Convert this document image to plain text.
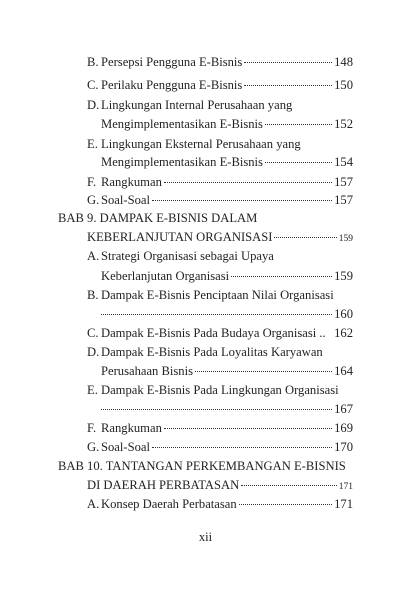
B. Persepsi Pengguna E-Bisnis	148
C. Perilaku Pengguna E-Bisnis	150
D. Lingkungan Internal Perusahaan yang
Mengimplementasikan E-Bisnis	152
E. Lingkungan Eksternal Perusahaan yang
Mengimplementasikan E-Bisnis	154
F. Rangkuman	157
G. Soal-Soal	157
BAB 9. DAMPAK E-BISNIS DALAM
KEBERLANJUTAN ORGANISASI	159
A. Strategi Organisasi sebagai Upaya
Keberlanjutan Organisasi	159
B. Dampak E-Bisnis Penciptaan Nilai Organisasi
160
C. Dampak E-Bisnis Pada Budaya Organisasi .. 162
D. Dampak E-Bisnis Pada Loyalitas Karyawan
Perusahaan Bisnis	164
E. Dampak E-Bisnis Pada Lingkungan Organisasi
167
F. Rangkuman	169
G. Soal-Soal	170
BAB 10. TANTANGAN PERKEMBANGAN E-BISNIS
DI DAERAH PERBATASAN	171
A. Konsep Daerah Perbatasan	171
xii
